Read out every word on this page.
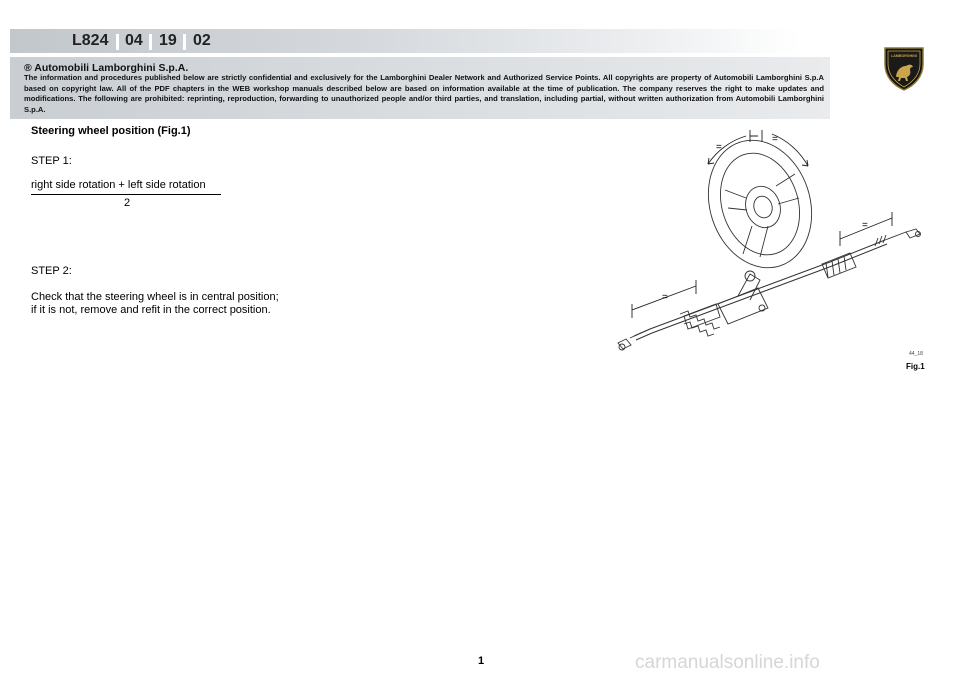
L824 04 19 02
® Automobili Lamborghini S.p.A.
The information and procedures published below are strictly confidential and exclusively for the Lamborghini Dealer Network and Authorized Service Points. All copyrights are property of Automobili Lamborghini S.p.A based on copyright law. All of the PDF chapters in the WEB workshop manuals described below are based on information available at the time of publication. The company reserves the right to make updates and modifications. The following are prohibited: reprinting, reproduction, forwarding to unauthorized people and/or third parties, and translation, including partial, without written authorization from Automobili Lamborghini S.p.A.
LAMBORGHINI
Steering wheel position (Fig.1)
STEP 1:
right side rotation + left side rotation
2
STEP 2:
Check that the steering wheel is in central position;
if it is not, remove and refit in the correct position.
=
=
=
=
44_18
Fig.1
1	carmanualsonline.info
